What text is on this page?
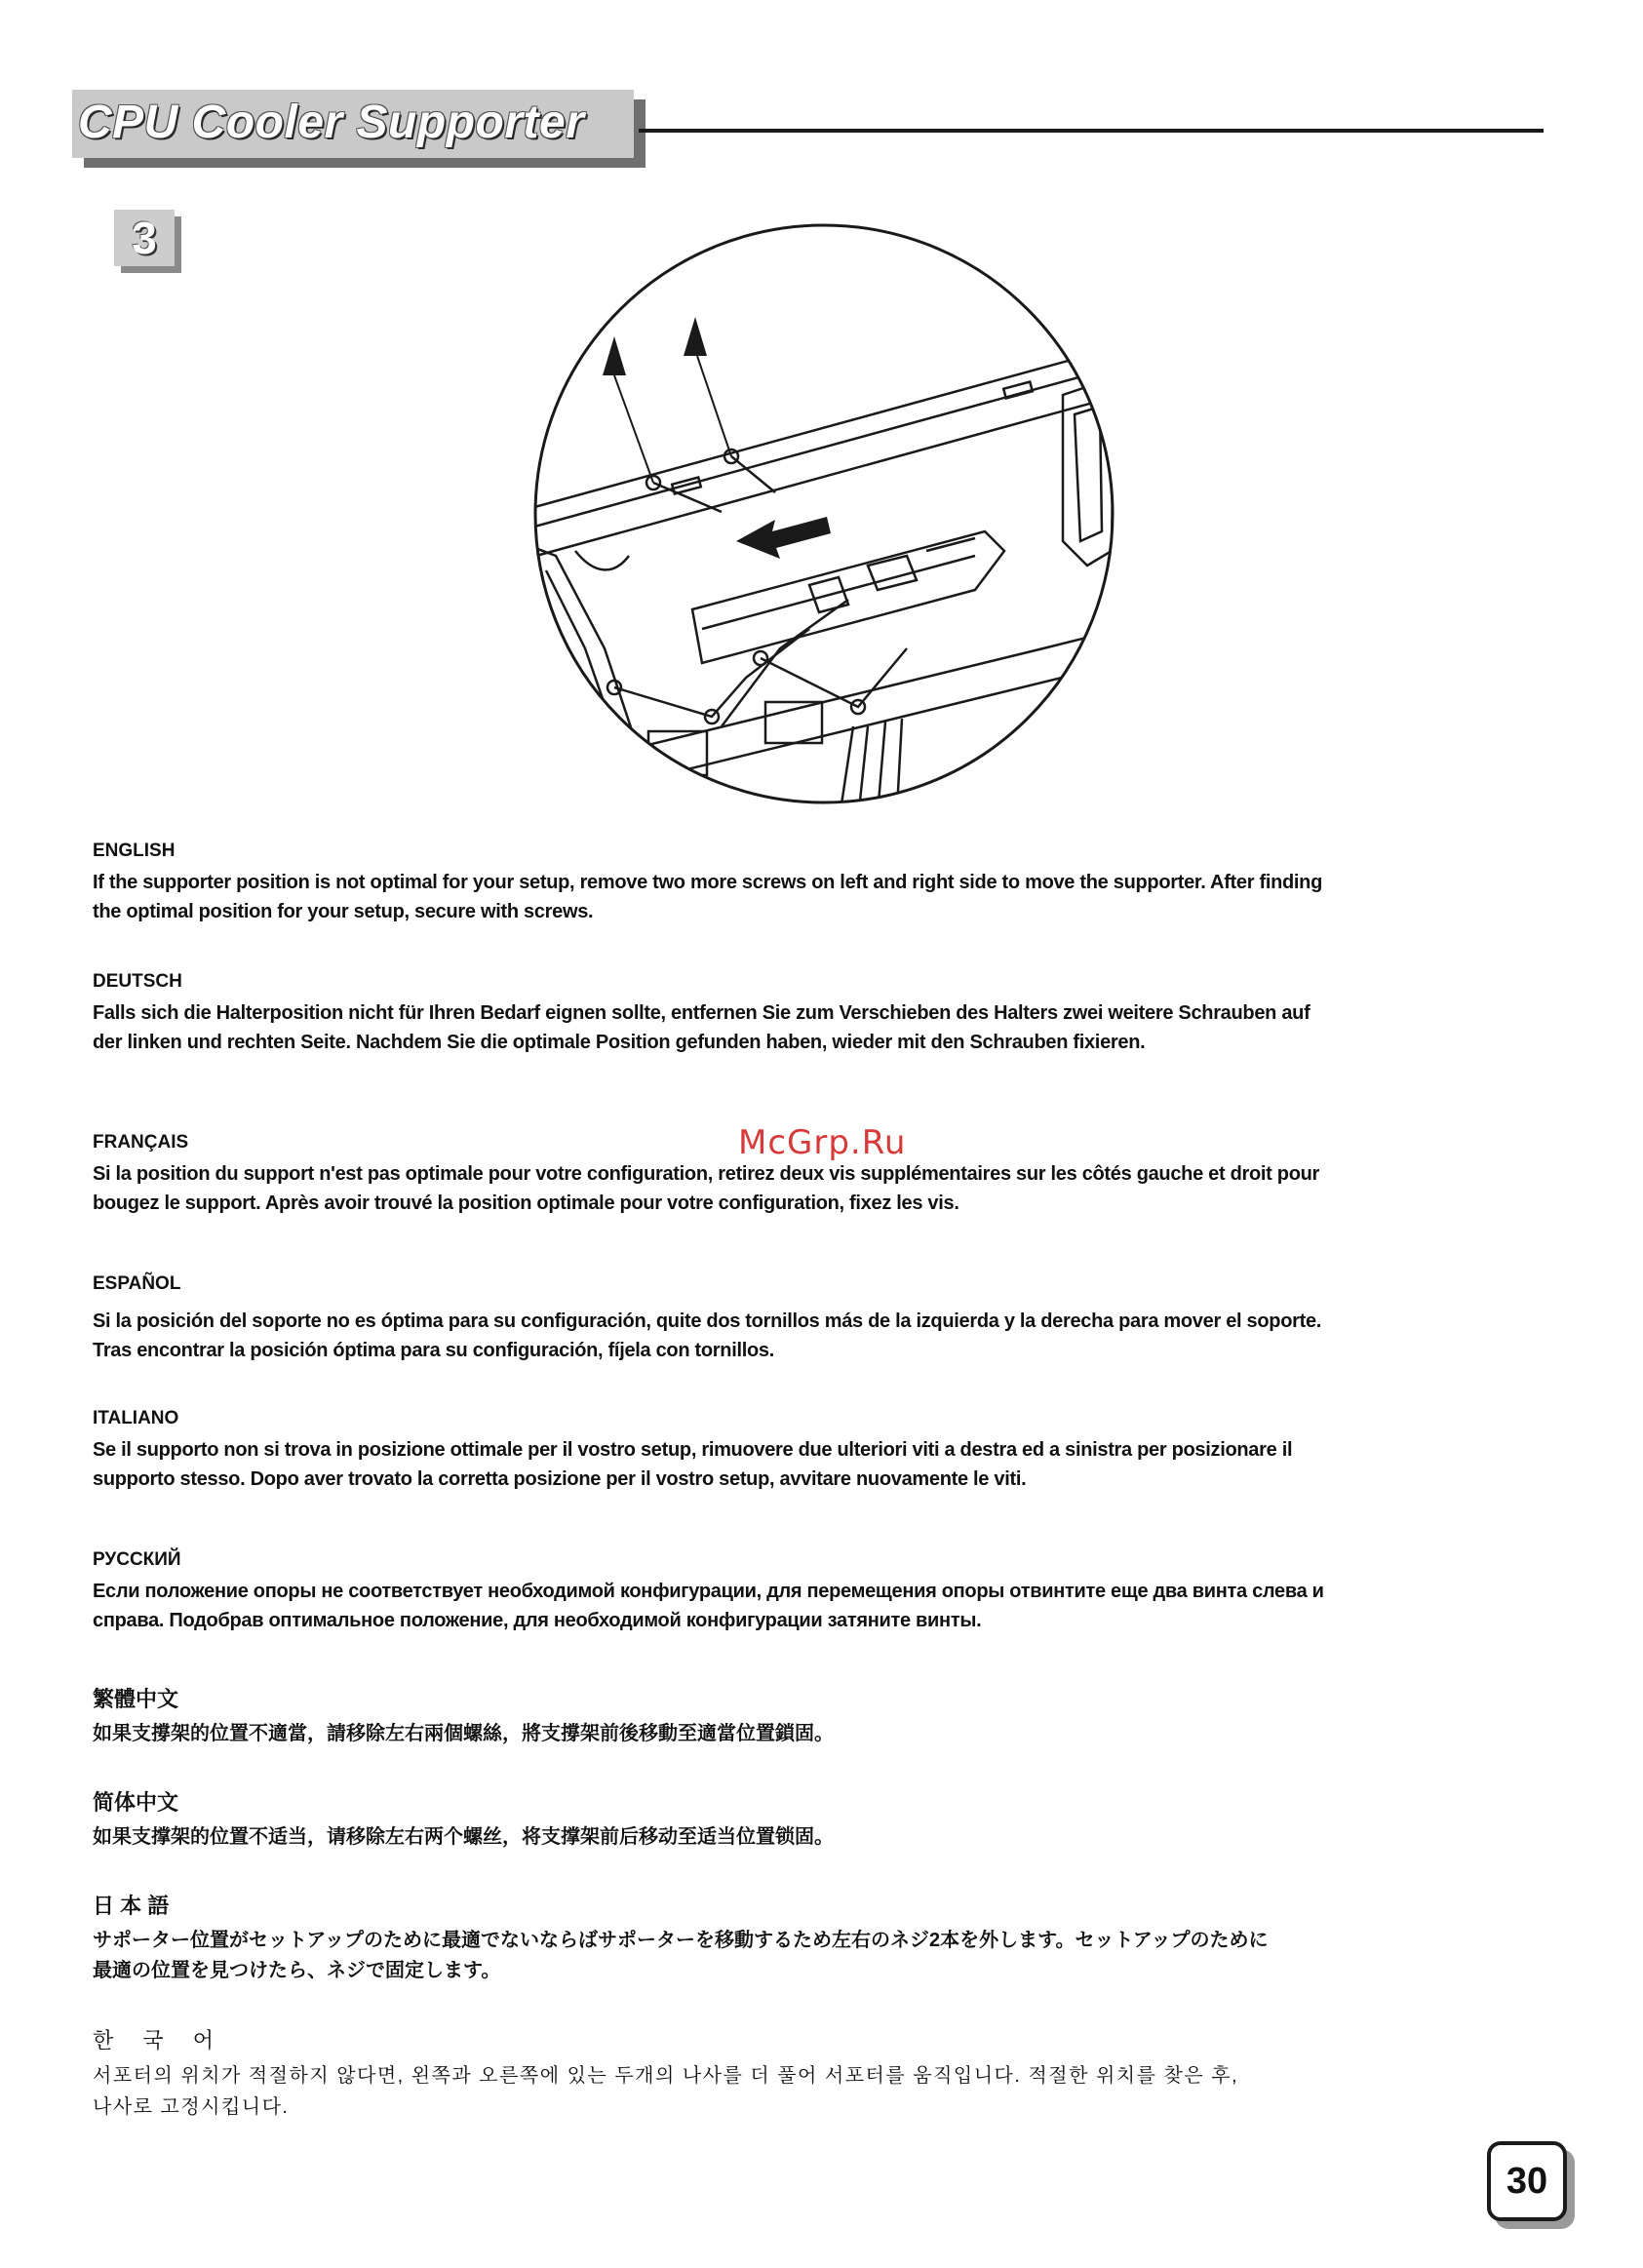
CPU Cooler Supporter
3
McGrp.Ru

ENGLISH

If the supporter position is not optimal for your setup, remove two more screws on left and right side to move the supporter. After finding

the optimal position for your setup, secure with screws.

DEUTSCH

Falls sich die Halterposition nicht für Ihren Bedarf eignen sollte, entfernen Sie zum Verschieben des Halters zwei weitere Schrauben auf

der linken und rechten Seite. Nachdem Sie die optimale Position gefunden haben, wieder mit den Schrauben fixieren.

FRANÇAIS

Si la position du support n'est pas optimale pour votre configuration, retirez deux vis supplémentaires sur les côtés gauche et droit pour

bougez le support. Après avoir trouvé la position optimale pour votre configuration, fixez les vis.

ESPAÑOL

Si la posición del soporte no es óptima para su configuración, quite dos tornillos más de la izquierda y la derecha para mover el soporte.

Tras encontrar la posición óptima para su configuración, fíjela con tornillos.

ITALIANO

Se il supporto non si trova in posizione ottimale per il vostro setup, rimuovere due ulteriori viti a destra ed a sinistra per posizionare il

supporto stesso. Dopo aver trovato la corretta posizione per il vostro setup, avvitare nuovamente le viti.

РУССКИЙ

Если положение опоры не соответствует необходимой конфигурации, для перемещения опоры отвинтите еще два винта слева и

справа. Подобрав оптимальное положение, для необходимой конфигурации затяните винты.

繁體中文

如果支撐架的位置不適當，請移除左右兩個螺絲，將支撐架前後移動至適當位置鎖固。

简体中文

如果支撑架的位置不适当，请移除左右两个螺丝，将支撑架前后移动至适当位置锁固。

日 本 語

サポーター位置がセットアップのために最適でないならばサポーターを移動するため左右のネジ2本を外します。セットアップのために

最適の位置を見つけたら、ネジで固定します。

한 국 어

서포터의 위치가 적절하지 않다면, 왼쪽과 오른쪽에 있는 두개의 나사를 더 풀어 서포터를 움직입니다. 적절한 위치를 찾은 후,

나사로 고정시킵니다.

30
